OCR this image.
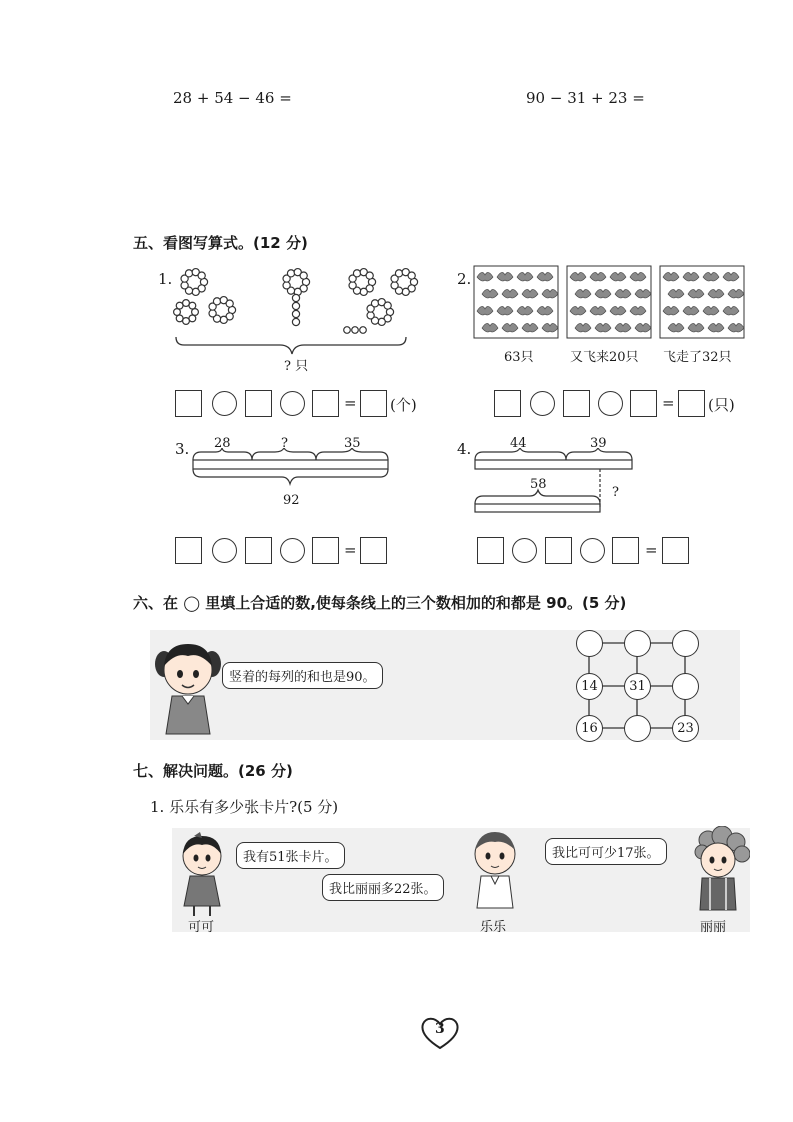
28 + 54 − 46 =	90 − 31 + 23 =
五、看图写算式。(12 分)
1.
? 只
= (个)
2.
63只	又飞来20只 飞走了32只
= (只)
3. 28	?	35
92
=
4.	44	39
58
?
=
六、在 ◯ 里填上合适的数,使每条线上的三个数相加的和都是 90。(5 分)
竖着的每列的和也是90。
14	31
16	23
七、解决问题。(26 分)
1. 乐乐有多少张卡片?(5 分)
我有51张卡片。
我比丽丽多22张。
我比可可少17张。
可可	乐乐	丽丽
3
